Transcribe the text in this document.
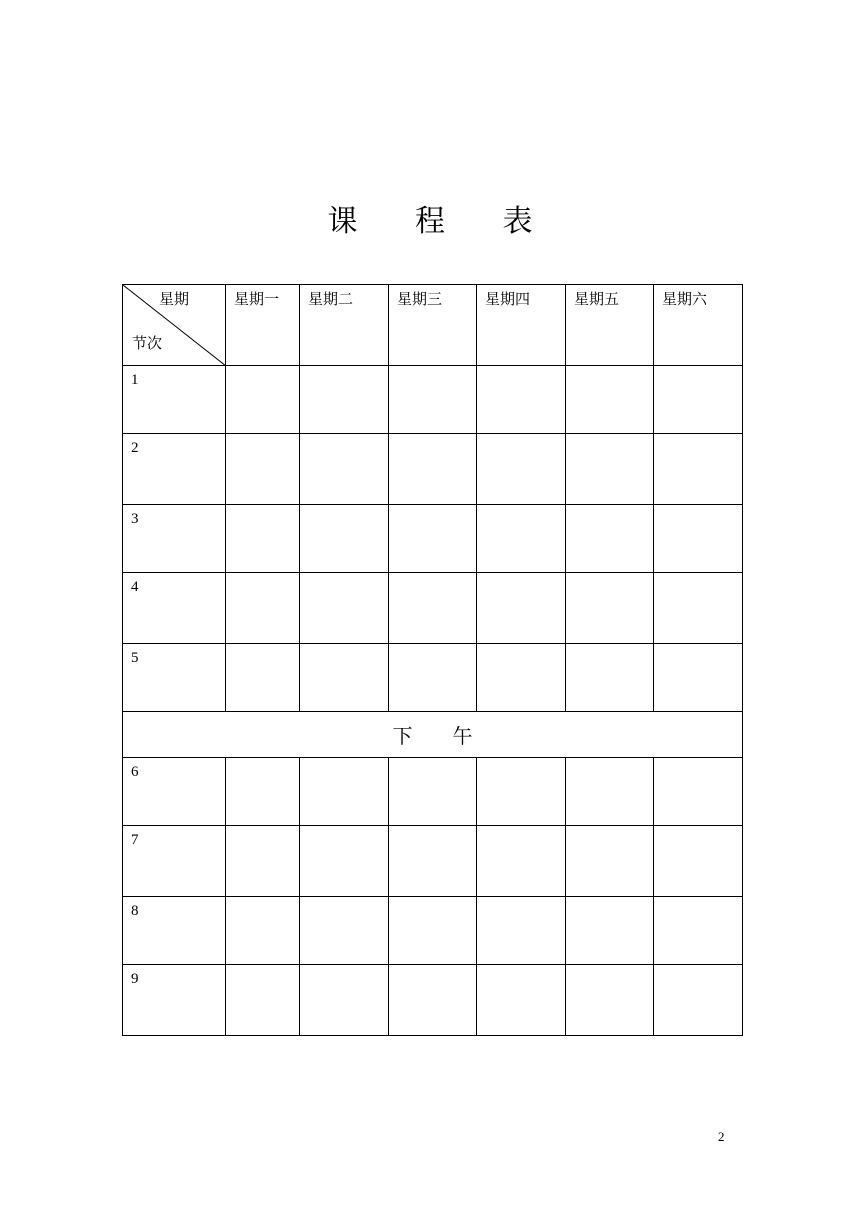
课 程 表
星期
节次	星期一	星期二	星期三	星期四	星期五	星期六

1						
2						
3						
4						
5						
下午						
6						
7						
8						
9						
2
